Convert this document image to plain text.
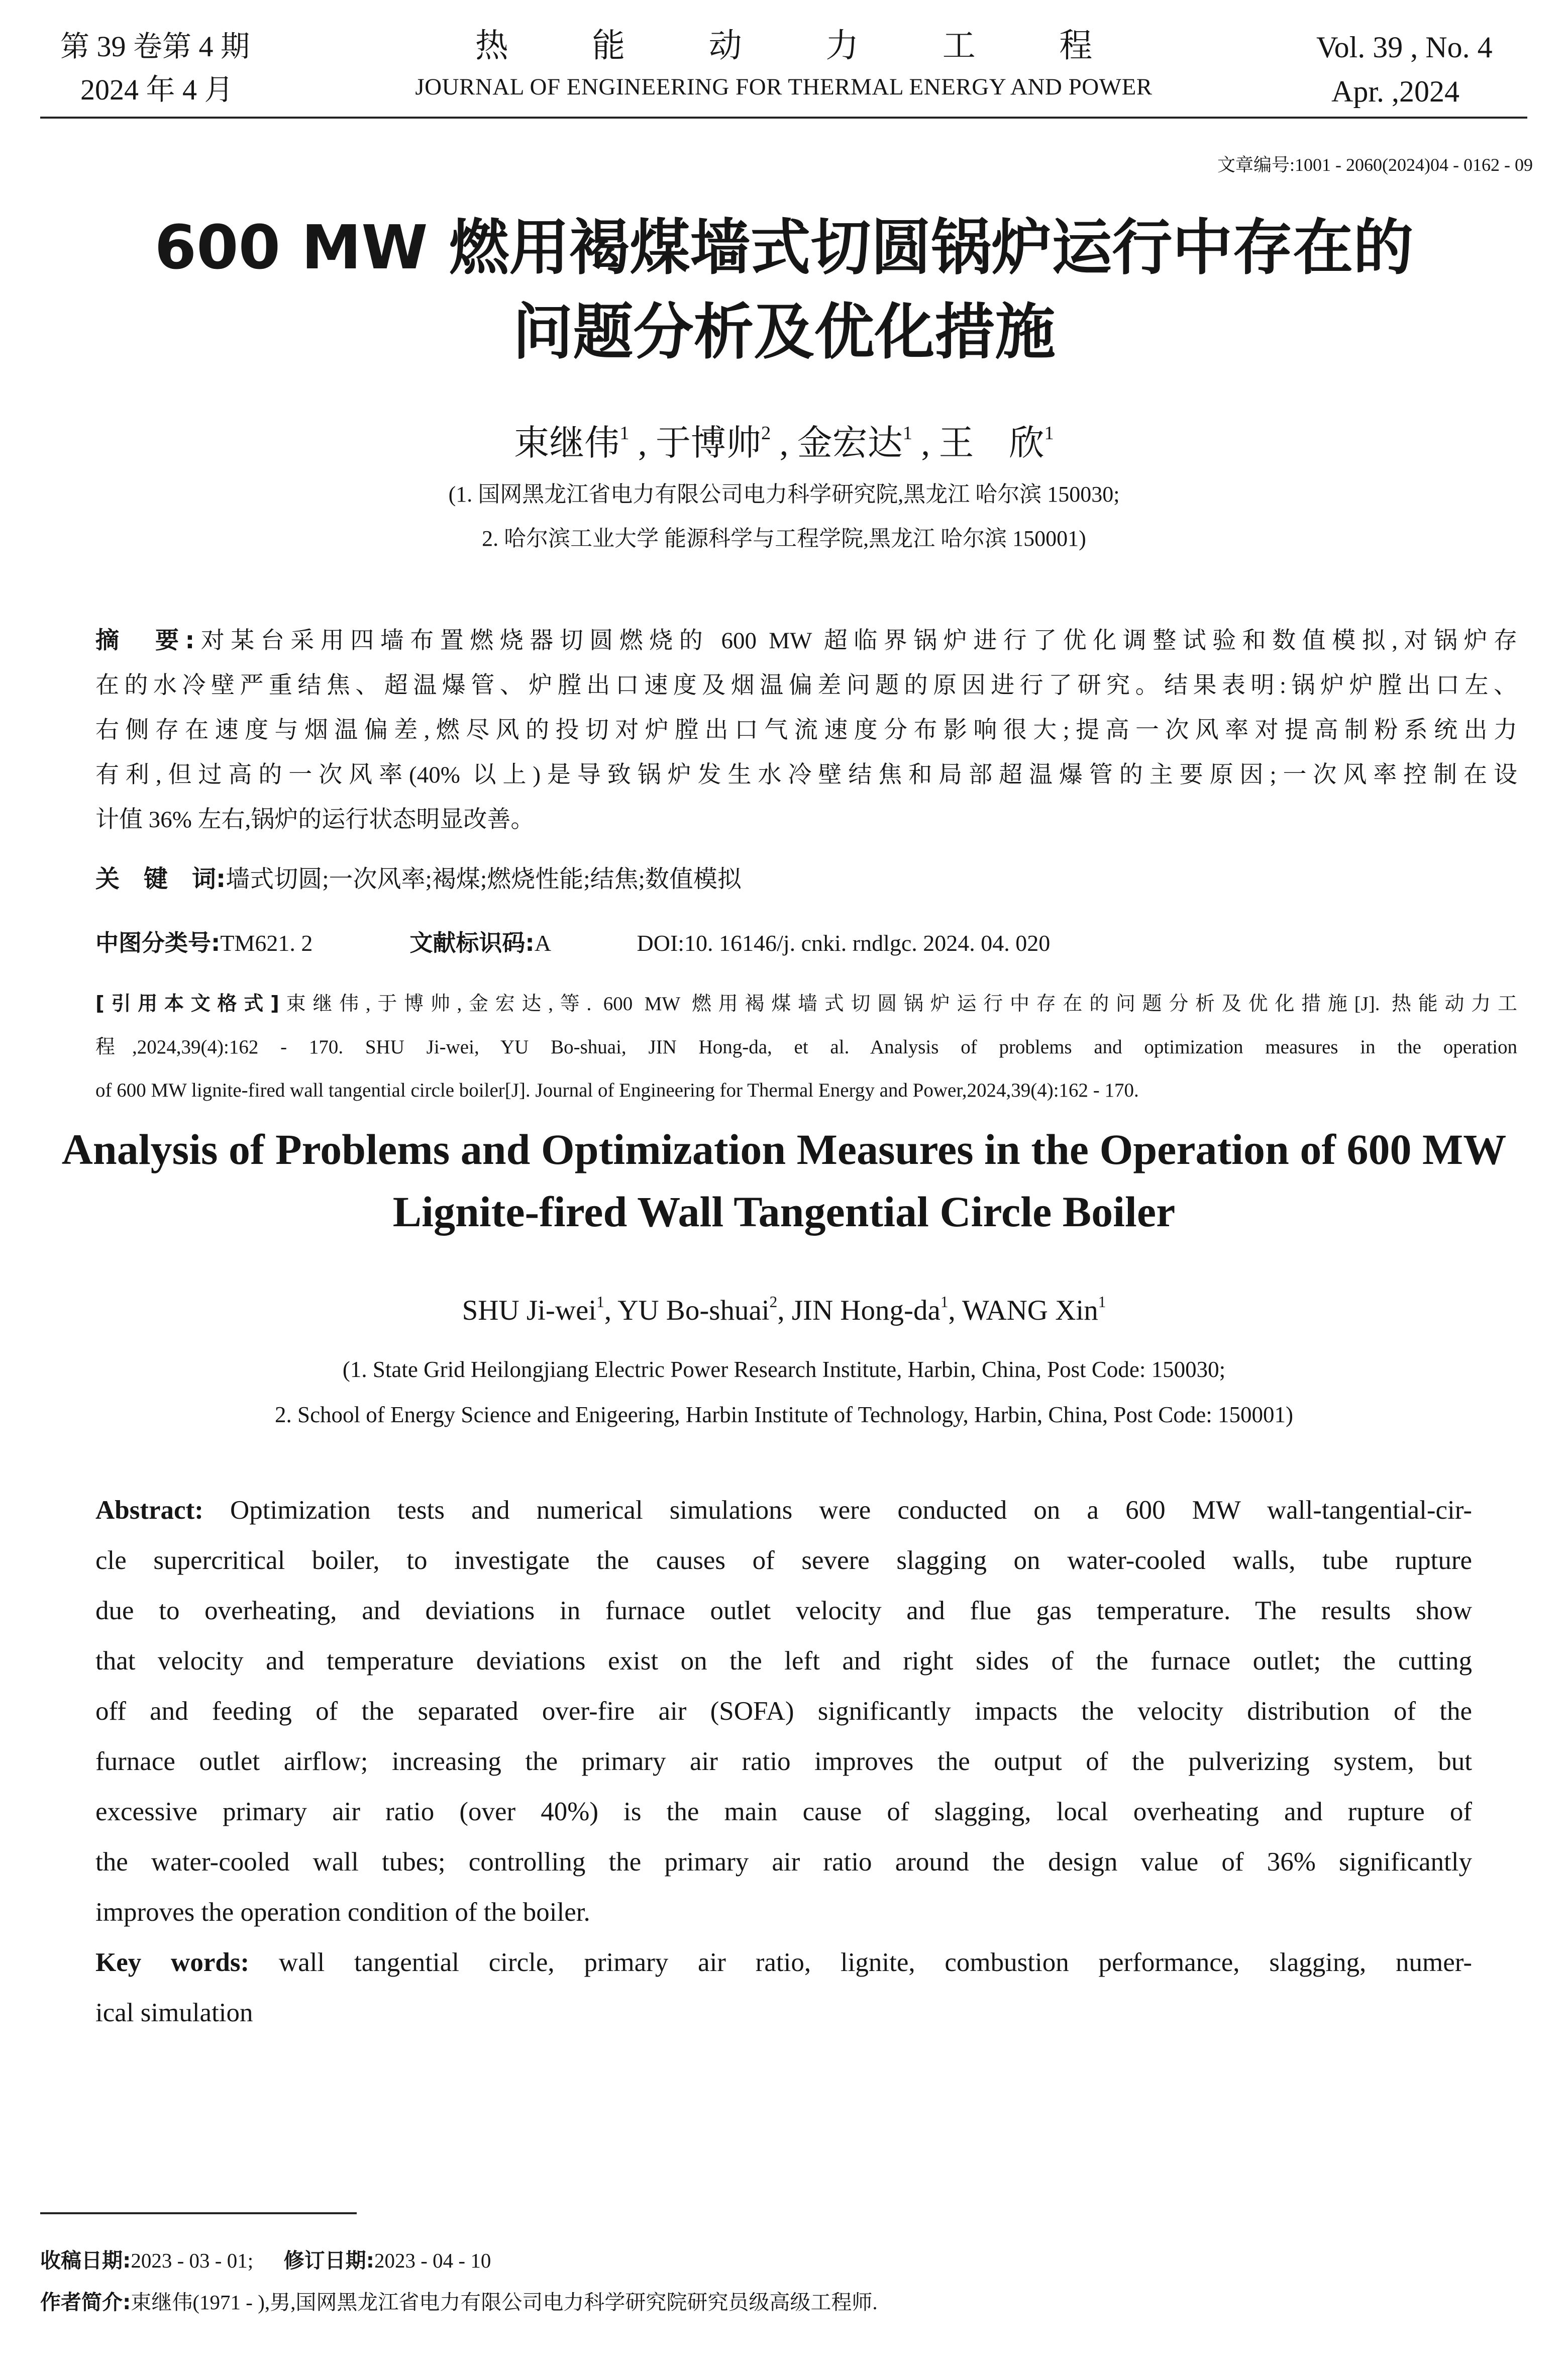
第 39 卷第 4 期
2024 年 4 月
热 能 动 力 工 程
JOURNAL OF ENGINEERING FOR THERMAL ENERGY AND POWER
Vol. 39 , No. 4
Apr. ,2024
文章编号:1001 - 2060(2024)04 - 0162 - 09
600 MW 燃用褐煤墙式切圆锅炉运行中存在的
问题分析及优化措施
束继伟$^1$ , 于博帅$^2$ , 金宏达$^1$ , 王　欣$^1$
(1. 国网黑龙江省电力有限公司电力科学研究院,黑龙江 哈尔滨 150030;
2. 哈尔滨工业大学 能源科学与工程学院,黑龙江 哈尔滨 150001)
摘　要:对某台采用四墙布置燃烧器切圆燃烧的 600 MW 超临界锅炉进行了优化调整试验和数值模拟,对锅炉存
在的水冷壁严重结焦、超温爆管、炉膛出口速度及烟温偏差问题的原因进行了研究。结果表明:锅炉炉膛出口左、
右侧存在速度与烟温偏差,燃尽风的投切对炉膛出口气流速度分布影响很大;提高一次风率对提高制粉系统出力
有利,但过高的一次风率(40% 以上)是导致锅炉发生水冷壁结焦和局部超温爆管的主要原因;一次风率控制在设
计值 36% 左右,锅炉的运行状态明显改善。
关　键　词:墙式切圆;一次风率;褐煤;燃烧性能;结焦;数值模拟
中图分类号:TM621. 2	文献标识码:A	DOI:10. 16146/j. cnki. rndlgc. 2024. 04. 020
[引用本文格式]束继伟,于博帅,金宏达,等. 600 MW 燃用褐煤墙式切圆锅炉运行中存在的问题分析及优化措施[J]. 热能动力工
程,2024,39(4):162 - 170. SHU Ji-wei, YU Bo-shuai, JIN Hong-da, et al. Analysis of problems and optimization measures in the operation
of 600 MW lignite-fired wall tangential circle boiler[J]. Journal of Engineering for Thermal Energy and Power,2024,39(4):162 - 170.
Analysis of Problems and Optimization Measures in the Operation of 600 MW
Lignite-fired Wall Tangential Circle Boiler
SHU Ji-wei$^1$, YU Bo-shuai$^2$, JIN Hong-$da^1$, WANG Xin$^1$
(1. State Grid Heilongjiang Electric Power Research Institute, Harbin, China, Post Code: 150030;
2. School of Energy Science and Enigeering, Harbin Institute of Technology, Harbin, China, Post Code: 150001)
Abstract: Optimization tests and numerical simulations were conducted on a 600 MW wall-tangential-cir-
cle supercritical boiler, to investigate the causes of severe slagging on water-cooled walls, tube rupture
due to overheating, and deviations in furnace outlet velocity and flue gas temperature. The results show
that velocity and temperature deviations exist on the left and right sides of the furnace outlet; the cutting
off and feeding of the separated over-fire air (SOFA) significantly impacts the velocity distribution of the
furnace outlet airflow; increasing the primary air ratio improves the output of the pulverizing system, but
excessive primary air ratio (over 40%) is the main cause of slagging, local overheating and rupture of
the water-cooled wall tubes; controlling the primary air ratio around the design value of 36% significantly
improves the operation condition of the boiler.
Key words: wall tangential circle, primary air ratio, lignite, combustion performance, slagging, numer-
ical simulation
收稿日期:2023 - 03 - 01; 修订日期:2023 - 04 - 10
作者简介:束继伟(1971 - ),男,国网黑龙江省电力有限公司电力科学研究院研究员级高级工程师.
